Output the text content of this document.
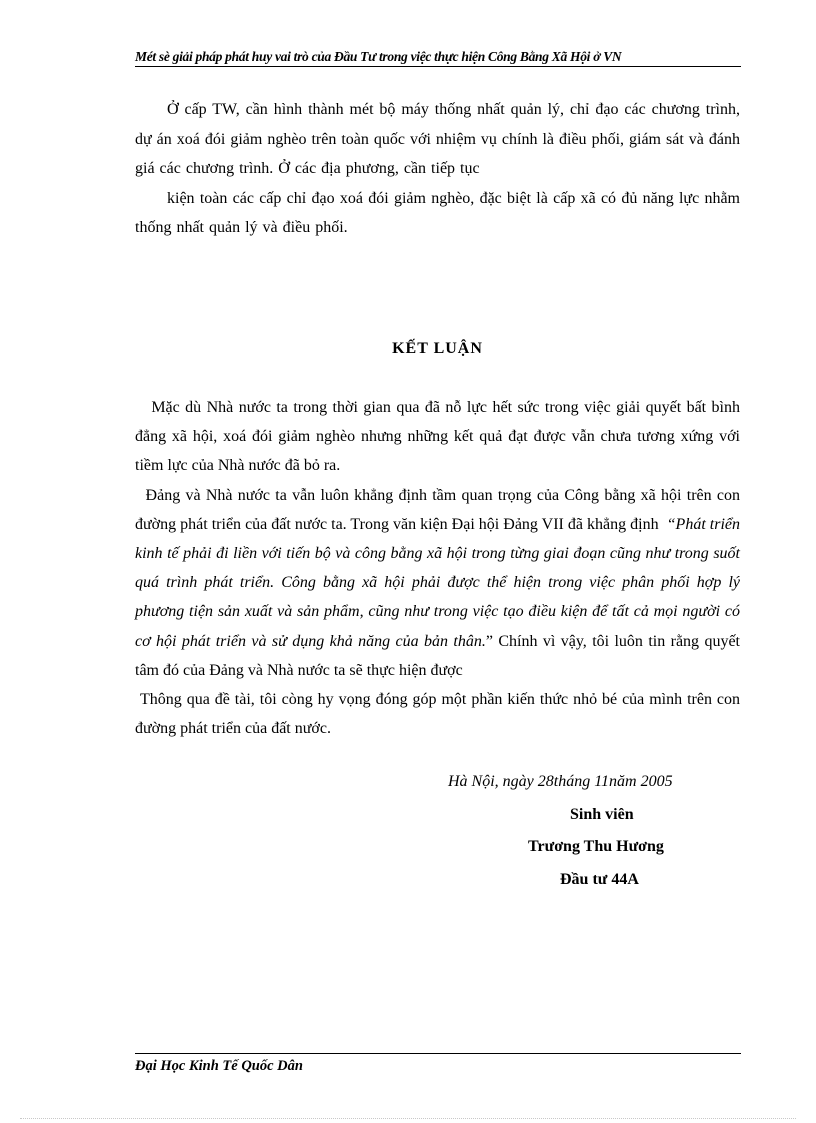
Mét sè giải pháp phát huy vai trò của Đầu Tư trong việc thực hiện Công Bằng Xã Hội ở VN
Ở cấp TW, cần hình thành mét bộ máy thống nhất quản lý, chỉ đạo các chương trình, dự án xoá đói giảm nghèo trên toàn quốc với nhiệm vụ chính là điều phối, giám sát và đánh giá các chương trình. Ở các địa phương, cần tiếp tục
kiện toàn các cấp chỉ đạo xoá đói giảm nghèo, đặc biệt là cấp xã có đủ năng lực nhằm thống nhất quản lý và điều phối.
KẾT LUẬN

Mặc dù Nhà nước ta trong thời gian qua đã nỗ lực hết sức trong việc giải quyết bất bình đẳng xã hội, xoá đói giảm nghèo nhưng những kết quả đạt được vẫn chưa tương xứng với tiềm lực của Nhà nước đã bỏ ra.

Đảng và Nhà nước ta vẫn luôn khẳng định tầm quan trọng của Công bằng xã hội trên con đường phát triển của đất nước ta. Trong văn kiện Đại hội Đảng VII đã khẳng định “Phát triển kinh tế phải đi liền với tiến bộ và công bằng xã hội trong từng giai đoạn cũng như trong suốt quá trình phát triển. Công bằng xã hội phải được thể hiện trong việc phân phối hợp lý phương tiện sản xuất và sản phẩm, cũng như trong việc tạo điều kiện để tất cả mọi người có cơ hội phát triển và sử dụng khả năng của bản thân.” Chính vì vậy, tôi luôn tin rằng quyết tâm đó của Đảng và Nhà nước ta sẽ thực hiện được

Thông qua đề tài, tôi còng hy vọng đóng góp một phần kiến thức nhỏ bé của mình trên con đường phát triển của đất nước.

Hà Nội, ngày 28tháng 11năm 2005
Sinh viên
Trương Thu Hương
Đầu tư 44A
Đại Học Kinh Tế Quốc Dân
